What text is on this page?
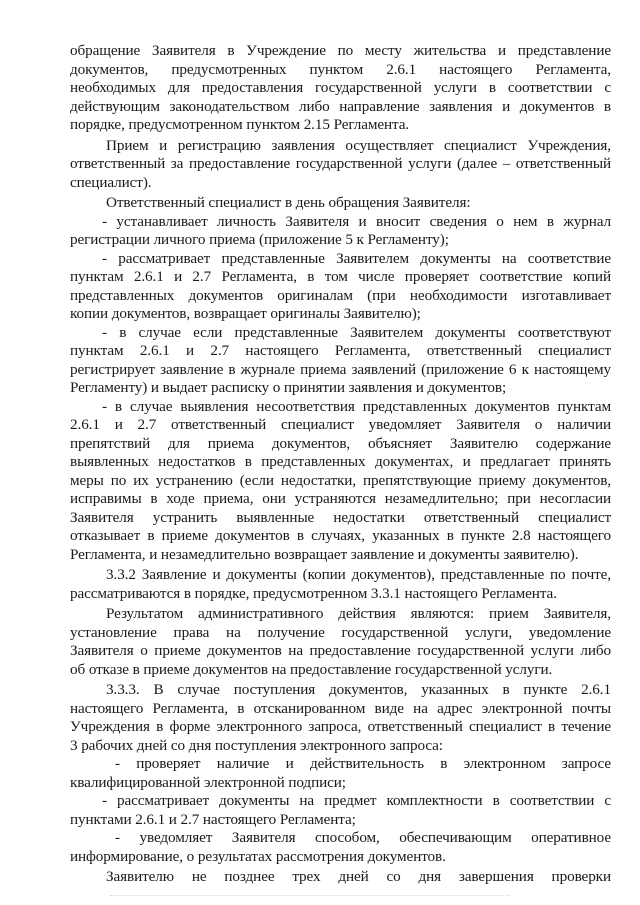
обращение Заявителя в Учреждение по месту жительства и представление
документов, предусмотренных пунктом 2.6.1 настоящего Регламента,
необходимых для предоставления государственной услуги в соответствии с
действующим законодательством либо направление заявления и документов в
порядке, предусмотренном пунктом 2.15 Регламента.
Прием и регистрацию заявления осуществляет специалист Учреждения,
ответственный за предоставление государственной услуги (далее – ответственный
специалист).
Ответственный специалист в день обращения Заявителя:
- устанавливает личность Заявителя и вносит сведения о нем в журнал
регистрации личного приема (приложение 5 к Регламенту);
- рассматривает представленные Заявителем документы на соответствие
пунктам 2.6.1 и 2.7 Регламента, в том числе проверяет соответствие копий
представленных документов оригиналам (при необходимости изготавливает
копии документов, возвращает оригиналы Заявителю);
- в случае если представленные Заявителем документы соответствуют
пунктам 2.6.1 и 2.7 настоящего Регламента, ответственный специалист
регистрирует заявление в журнале приема заявлений (приложение 6 к настоящему
Регламенту) и выдает расписку о принятии заявления и документов;
- в случае выявления несоответствия представленных документов пунктам
2.6.1 и 2.7 ответственный специалист уведомляет Заявителя о наличии
препятствий для приема документов, объясняет Заявителю содержание
выявленных недостатков в представленных документах, и предлагает принять
меры по их устранению (если недостатки, препятствующие приему документов,
исправимы в ходе приема, они устраняются незамедлительно; при несогласии
Заявителя устранить выявленные недостатки ответственный специалист
отказывает в приеме документов в случаях, указанных в пункте 2.8 настоящего
Регламента, и незамедлительно возвращает заявление и документы заявителю).
3.3.2 Заявление и документы (копии документов), представленные по почте,
рассматриваются в порядке, предусмотренном 3.3.1 настоящего Регламента.
Результатом административного действия являются: прием Заявителя,
установление права на получение государственной услуги, уведомление
Заявителя о приеме документов на предоставление государственной услуги либо
об отказе в приеме документов на предоставление государственной услуги.
3.3.3. В случае поступления документов, указанных в пункте 2.6.1
настоящего Регламента, в отсканированном виде на адрес электронной почты
Учреждения в форме электронного запроса, ответственный специалист в течение
3 рабочих дней со дня поступления электронного запроса:
- проверяет наличие и действительность в электронном запросе
квалифицированной электронной подписи;
- рассматривает документы на предмет комплектности в соответствии с
пунктами 2.6.1 и 2.7 настоящего Регламента;
- уведомляет Заявителя способом, обеспечивающим оперативное
информирование, о результатах рассмотрения документов.
Заявителю не позднее трех дней со дня завершения проверки
